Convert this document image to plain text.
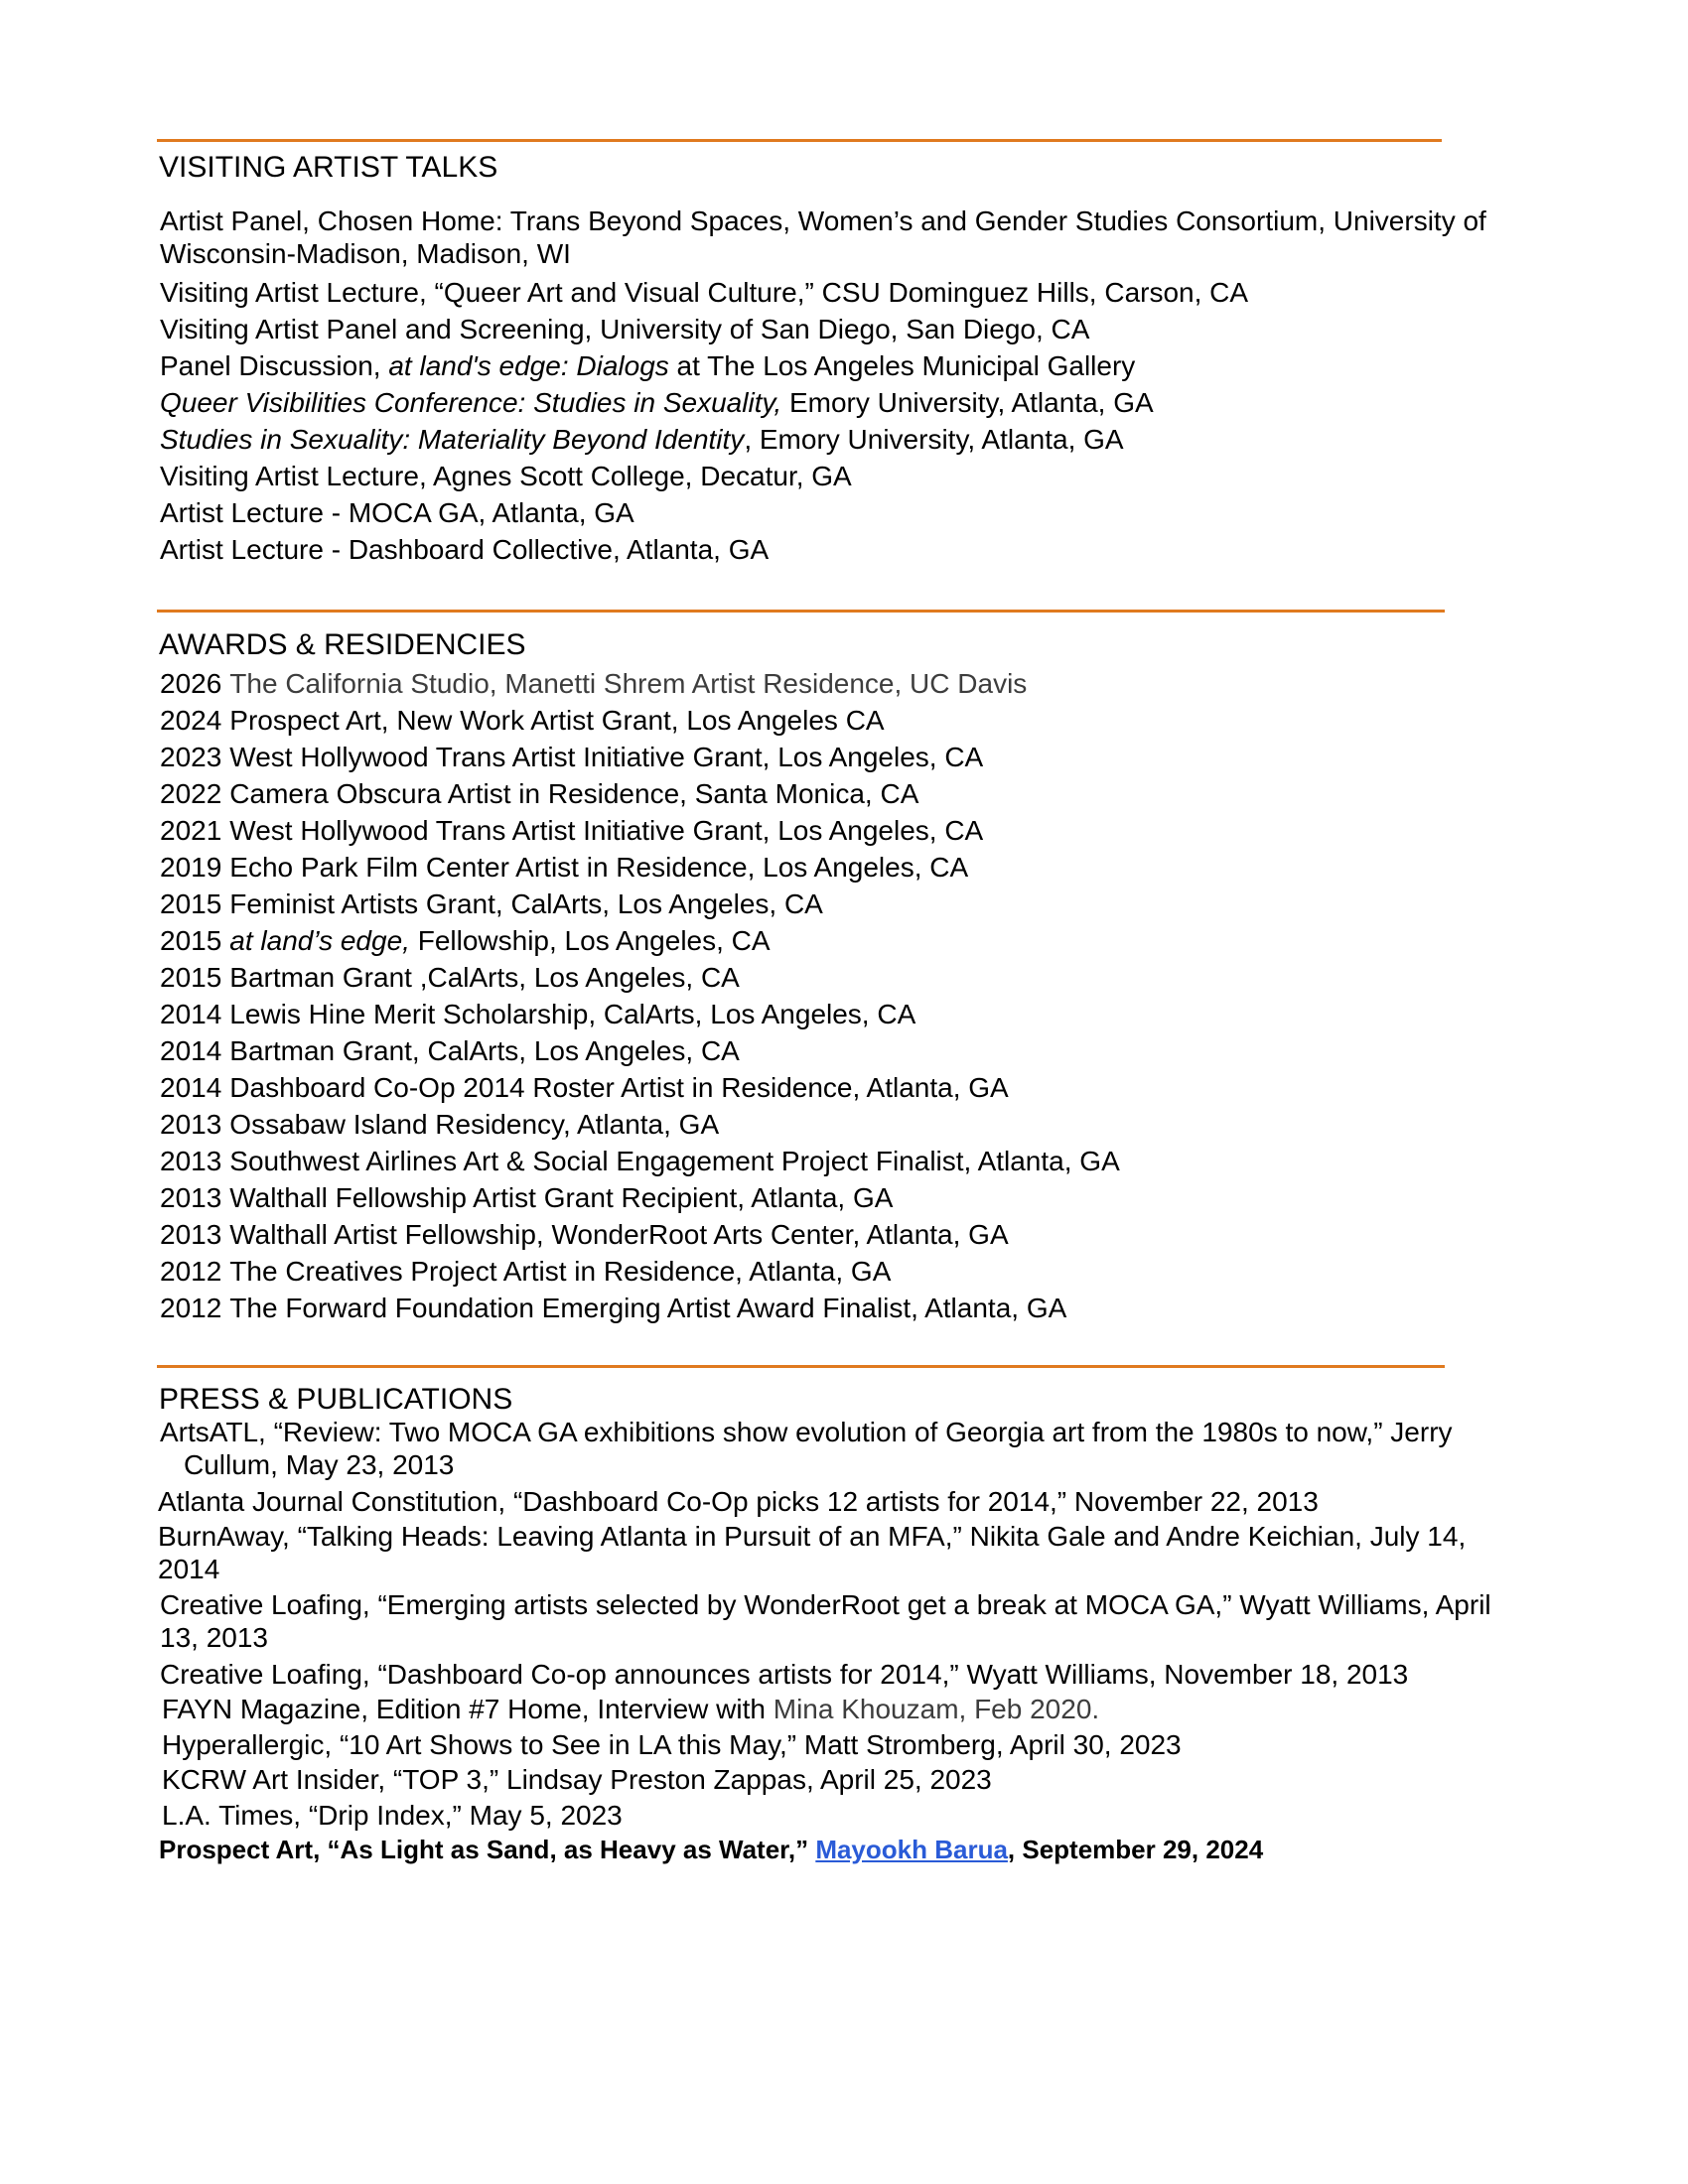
VISITING ARTIST TALKS
Artist Panel, Chosen Home: Trans Beyond Spaces, Women’s and Gender Studies Consortium, University of Wisconsin-Madison, Madison, WI
Visiting Artist Lecture, “Queer Art and Visual Culture,” CSU Dominguez Hills, Carson, CA
Visiting Artist Panel and Screening, University of San Diego, San Diego, CA
Panel Discussion, at land's edge: Dialogs at The Los Angeles Municipal Gallery
Queer Visibilities Conference: Studies in Sexuality, Emory University, Atlanta, GA
Studies in Sexuality: Materiality Beyond Identity, Emory University, Atlanta, GA
Visiting Artist Lecture, Agnes Scott College, Decatur, GA
Artist Lecture - MOCA GA, Atlanta, GA
Artist Lecture - Dashboard Collective, Atlanta, GA
AWARDS & RESIDENCIES
2026 The California Studio, Manetti Shrem Artist Residence, UC Davis
2024 Prospect Art, New Work Artist Grant, Los Angeles CA
2023 West Hollywood Trans Artist Initiative Grant, Los Angeles, CA
2022 Camera Obscura Artist in Residence, Santa Monica, CA
2021 West Hollywood Trans Artist Initiative Grant, Los Angeles, CA
2019 Echo Park Film Center Artist in Residence, Los Angeles, CA
2015 Feminist Artists Grant, CalArts, Los Angeles, CA
2015 at land’s edge, Fellowship, Los Angeles, CA
2015 Bartman Grant ,CalArts, Los Angeles, CA
2014 Lewis Hine Merit Scholarship, CalArts, Los Angeles, CA
2014 Bartman Grant, CalArts, Los Angeles, CA
2014 Dashboard Co-Op 2014 Roster Artist in Residence, Atlanta, GA
2013 Ossabaw Island Residency, Atlanta, GA
2013 Southwest Airlines Art & Social Engagement Project Finalist, Atlanta, GA
2013 Walthall Fellowship Artist Grant Recipient, Atlanta, GA
2013 Walthall Artist Fellowship, WonderRoot Arts Center, Atlanta, GA
2012 The Creatives Project Artist in Residence, Atlanta, GA
2012 The Forward Foundation Emerging Artist Award Finalist, Atlanta, GA
PRESS & PUBLICATIONS
ArtsATL, “Review: Two MOCA GA exhibitions show evolution of Georgia art from the 1980s to now,” Jerry Cullum, May 23, 2013
Atlanta Journal Constitution, “Dashboard Co-Op picks 12 artists for 2014,” November 22, 2013
BurnAway, “Talking Heads: Leaving Atlanta in Pursuit of an MFA,” Nikita Gale and Andre Keichian, July 14, 2014
Creative Loafing, “Emerging artists selected by WonderRoot get a break at MOCA GA,” Wyatt Williams, April 13, 2013
Creative Loafing, “Dashboard Co-op announces artists for 2014,” Wyatt Williams, November 18, 2013
FAYN Magazine, Edition #7 Home, Interview with Mina Khouzam, Feb 2020.
Hyperallergic, “10 Art Shows to See in LA this May,” Matt Stromberg, April 30, 2023
KCRW Art Insider, “TOP 3,” Lindsay Preston Zappas, April 25, 2023
L.A. Times, “Drip Index,” May 5, 2023
Prospect Art, “As Light as Sand, as Heavy as Water,” Mayookh Barua, September 29, 2024
